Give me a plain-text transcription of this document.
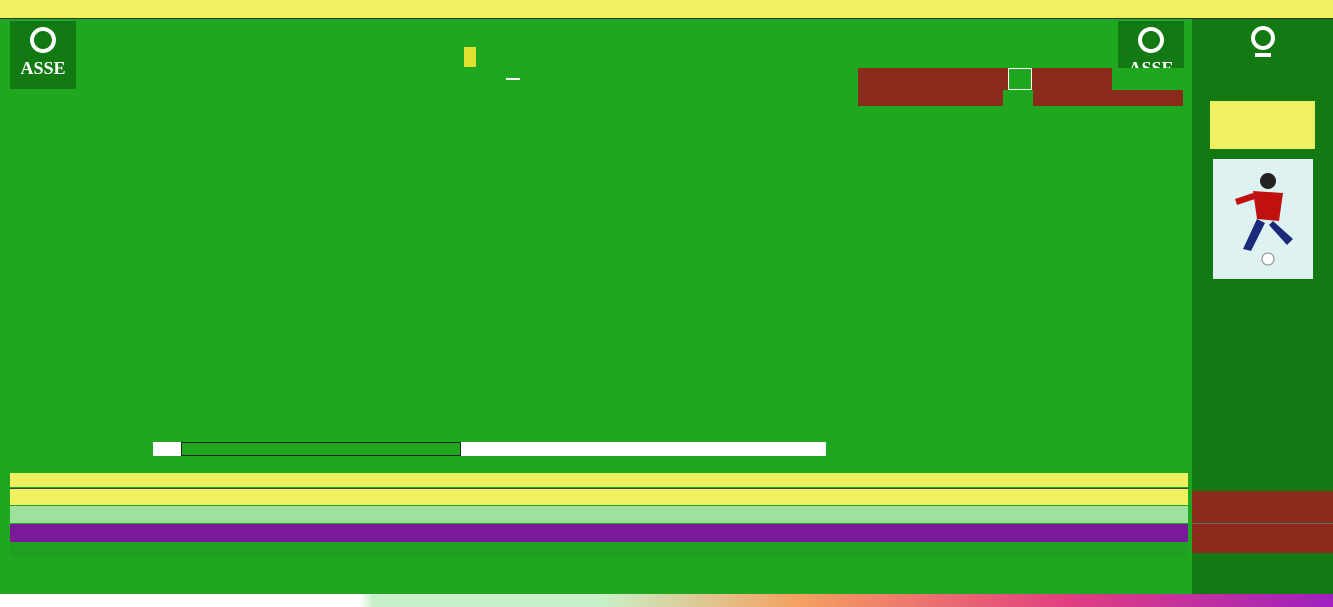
ASSE
